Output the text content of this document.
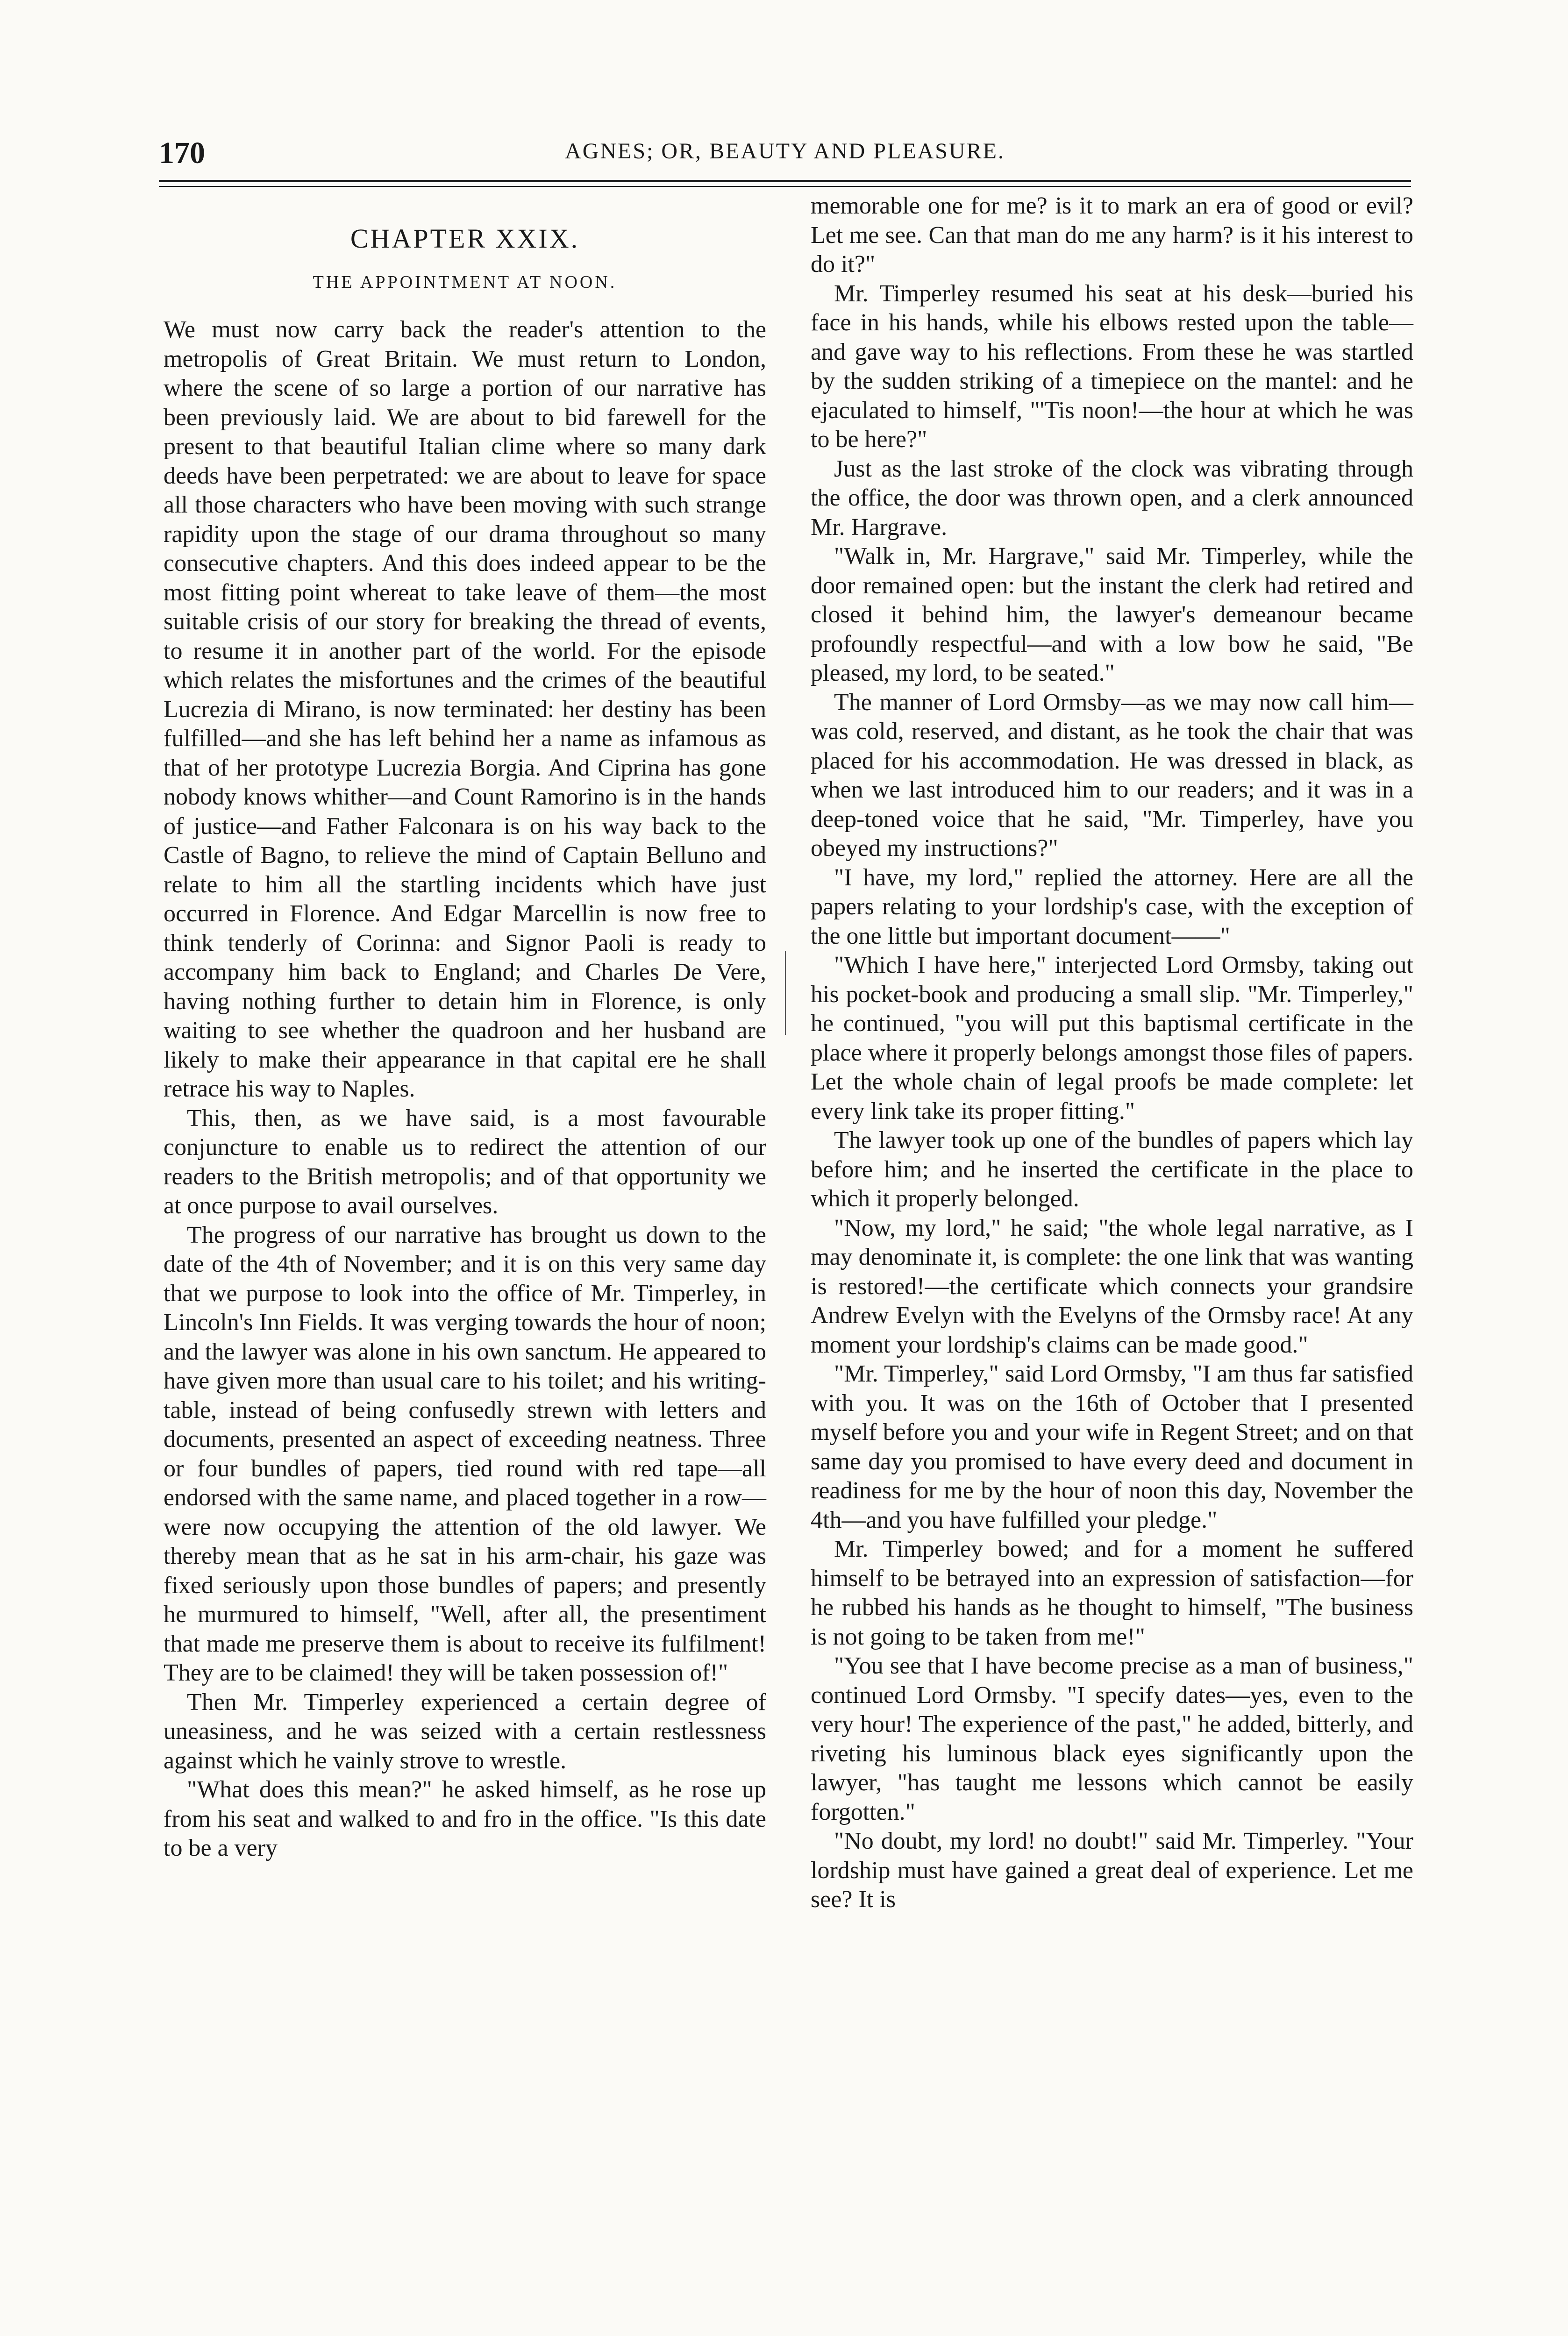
170	AGNES; OR, BEAUTY AND PLEASURE.
CHAPTER XXIX.
THE APPOINTMENT AT NOON.

We must now carry back the reader's attention to the metropolis of Great Britain. We must return to London, where the scene of so large a portion of our narrative has been previously laid. We are about to bid farewell for the present to that beautiful Italian clime where so many dark deeds have been perpetrated: we are about to leave for space all those characters who have been moving with such strange rapidity upon the stage of our drama throughout so many consecutive chapters. And this does indeed appear to be the most fitting point whereat to take leave of them—the most suitable crisis of our story for breaking the thread of events, to resume it in another part of the world. For the episode which relates the misfortunes and the crimes of the beautiful Lucrezia di Mirano, is now terminated: her destiny has been fulfilled—and she has left behind her a name as infamous as that of her prototype Lucrezia Borgia. And Ciprina has gone nobody knows whither—and Count Ramorino is in the hands of justice—and Father Falconara is on his way back to the Castle of Bagno, to relieve the mind of Captain Belluno and relate to him all the startling incidents which have just occurred in Florence. And Edgar Marcellin is now free to think tenderly of Corinna: and Signor Paoli is ready to accompany him back to England; and Charles De Vere, having nothing further to detain him in Florence, is only waiting to see whether the quadroon and her husband are likely to make their appearance in that capital ere he shall retrace his way to Naples.

This, then, as we have said, is a most favourable conjuncture to enable us to redirect the attention of our readers to the British metropolis; and of that opportunity we at once purpose to avail ourselves.

The progress of our narrative has brought us down to the date of the 4th of November; and it is on this very same day that we purpose to look into the office of Mr. Timperley, in Lincoln's Inn Fields. It was verging towards the hour of noon; and the lawyer was alone in his own sanctum. He appeared to have given more than usual care to his toilet; and his writing-table, instead of being confusedly strewn with letters and documents, presented an aspect of exceeding neatness. Three or four bundles of papers, tied round with red tape—all endorsed with the same name, and placed together in a row—were now occupying the attention of the old lawyer. We thereby mean that as he sat in his arm-chair, his gaze was fixed seriously upon those bundles of papers; and presently he murmured to himself, "Well, after all, the presentiment that made me preserve them is about to receive its fulfilment! They are to be claimed! they will be taken possession of!"

Then Mr. Timperley experienced a certain degree of uneasiness, and he was seized with a certain restlessness against which he vainly strove to wrestle.

"What does this mean?" he asked himself, as he rose up from his seat and walked to and fro in the office. "Is this date to be a very

memorable one for me? is it to mark an era of good or evil? Let me see. Can that man do me any harm? is it his interest to do it?"

Mr. Timperley resumed his seat at his desk—buried his face in his hands, while his elbows rested upon the table—and gave way to his reflections. From these he was startled by the sudden striking of a timepiece on the mantel: and he ejaculated to himself, "'Tis noon!—the hour at which he was to be here?"

Just as the last stroke of the clock was vibrating through the office, the door was thrown open, and a clerk announced Mr. Hargrave.

"Walk in, Mr. Hargrave," said Mr. Timperley, while the door remained open: but the instant the clerk had retired and closed it behind him, the lawyer's demeanour became profoundly respectful—and with a low bow he said, "Be pleased, my lord, to be seated."

The manner of Lord Ormsby—as we may now call him—was cold, reserved, and distant, as he took the chair that was placed for his accommodation. He was dressed in black, as when we last introduced him to our readers; and it was in a deep-toned voice that he said, "Mr. Timperley, have you obeyed my instructions?"

"I have, my lord," replied the attorney. Here are all the papers relating to your lordship's case, with the exception of the one little but important document——"

"Which I have here," interjected Lord Ormsby, taking out his pocket-book and producing a small slip. "Mr. Timperley," he continued, "you will put this baptismal certificate in the place where it properly belongs amongst those files of papers. Let the whole chain of legal proofs be made complete: let every link take its proper fitting."

The lawyer took up one of the bundles of papers which lay before him; and he inserted the certificate in the place to which it properly belonged.

"Now, my lord," he said; "the whole legal narrative, as I may denominate it, is complete: the one link that was wanting is restored!—the certificate which connects your grandsire Andrew Evelyn with the Evelyns of the Ormsby race! At any moment your lordship's claims can be made good."

"Mr. Timperley," said Lord Ormsby, "I am thus far satisfied with you. It was on the 16th of October that I presented myself before you and your wife in Regent Street; and on that same day you promised to have every deed and document in readiness for me by the hour of noon this day, November the 4th—and you have fulfilled your pledge."

Mr. Timperley bowed; and for a moment he suffered himself to be betrayed into an expression of satisfaction—for he rubbed his hands as he thought to himself, "The business is not going to be taken from me!"

"You see that I have become precise as a man of business," continued Lord Ormsby. "I specify dates—yes, even to the very hour! The experience of the past," he added, bitterly, and riveting his luminous black eyes significantly upon the lawyer, "has taught me lessons which cannot be easily forgotten."

"No doubt, my lord! no doubt!" said Mr. Timperley. "Your lordship must have gained a great deal of experience. Let me see? It is
